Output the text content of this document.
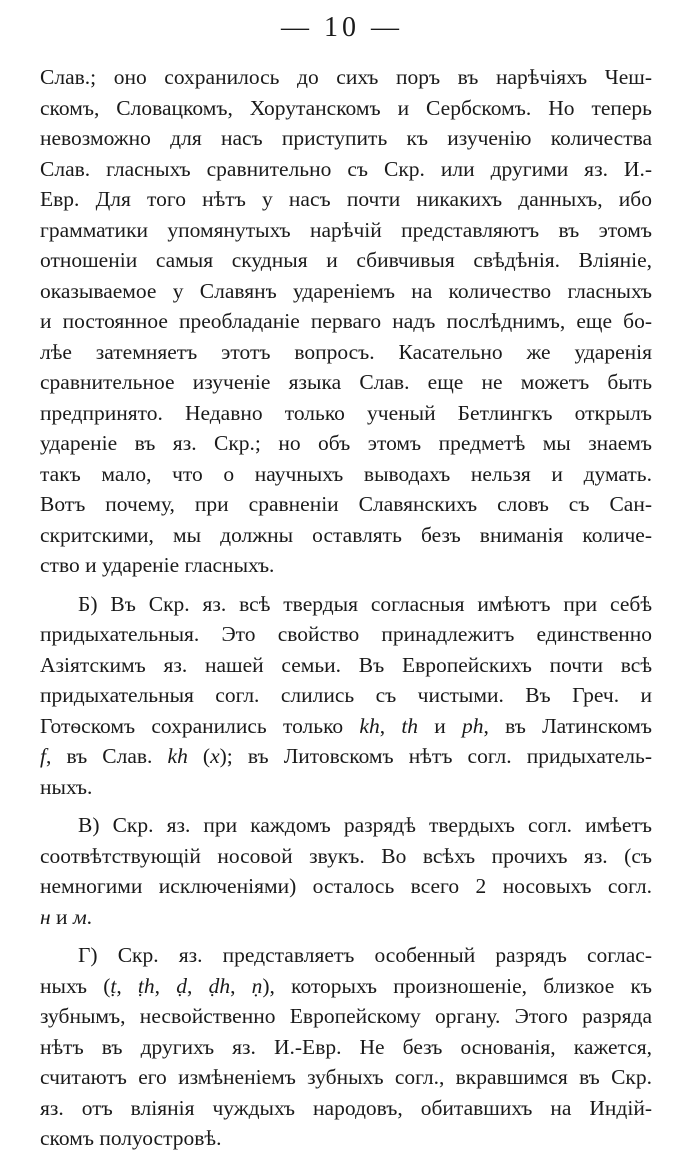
— 10 —
Слав.; оно сохранилось до сихъ поръ въ нарѣчіяхъ Чеш-
скомъ, Словацкомъ, Хорутанскомъ и Сербскомъ. Но теперь
невозможно для насъ приступить къ изученію количества
Слав. гласныхъ сравнительно съ Скр. или другими яз. И.-
Евр. Для того нѣтъ у насъ почти никакихъ данныхъ, ибо
грамматики упомянутыхъ нарѣчій представляютъ въ этомъ
отношеніи самыя скудныя и сбивчивыя свѣдѣнія. Вліяніе,
оказываемое у Славянъ удареніемъ на количество гласныхъ
и постоянное преобладаніе перваго надъ послѣднимъ, еще бо-
лѣе затемняетъ этотъ вопросъ. Касательно же ударенія
сравнительное изученіе языка Слав. еще не можетъ быть
предпринято. Недавно только ученый Бетлингкъ открылъ
удареніе въ яз. Скр.; но объ этомъ предметѣ мы знаемъ
такъ мало, что о научныхъ выводахъ нельзя и думать.
Вотъ почему, при сравненіи Славянскихъ словъ съ Сан-
скритскими, мы должны оставлять безъ вниманія количе-
ство и удареніе гласныхъ.
Б) Въ Скр. яз. всѣ твердыя согласныя имѣютъ при себѣ
придыхательныя. Это свойство принадлежитъ единственно
Азіятскимъ яз. нашей семьи. Въ Европейскихъ почти всѣ
придыхательныя согл. слились съ чистыми. Въ Греч. и
Готѳскомъ сохранились только kh, th и ph, въ Латинскомъ
f, въ Слав. kh (x); въ Литовскомъ нѣтъ согл. придыхатель-
ныхъ.
В) Скр. яз. при каждомъ разрядѣ твердыхъ согл. имѣетъ
соотвѣтствующій носовой звукъ. Во всѣхъ прочихъ яз. (съ
немногими исключеніями) осталось всего 2 носовыхъ согл.
н и м.
Г) Скр. яз. представляетъ особенный разрядъ соглас-
ныхъ (ṭ, ṭh, ḍ, ḍh, ṇ), которыхъ произношеніе, близкое къ
зубнымъ, несвойственно Европейскому органу. Этого разряда
нѣтъ въ другихъ яз. И.-Евр. Не безъ основанія, кажется,
считаютъ его измѣненіемъ зубныхъ согл., вкравшимся въ Скр.
яз. отъ вліянія чуждыхъ народовъ, обитавшихъ на Индій-
скомъ полуостровѣ.
